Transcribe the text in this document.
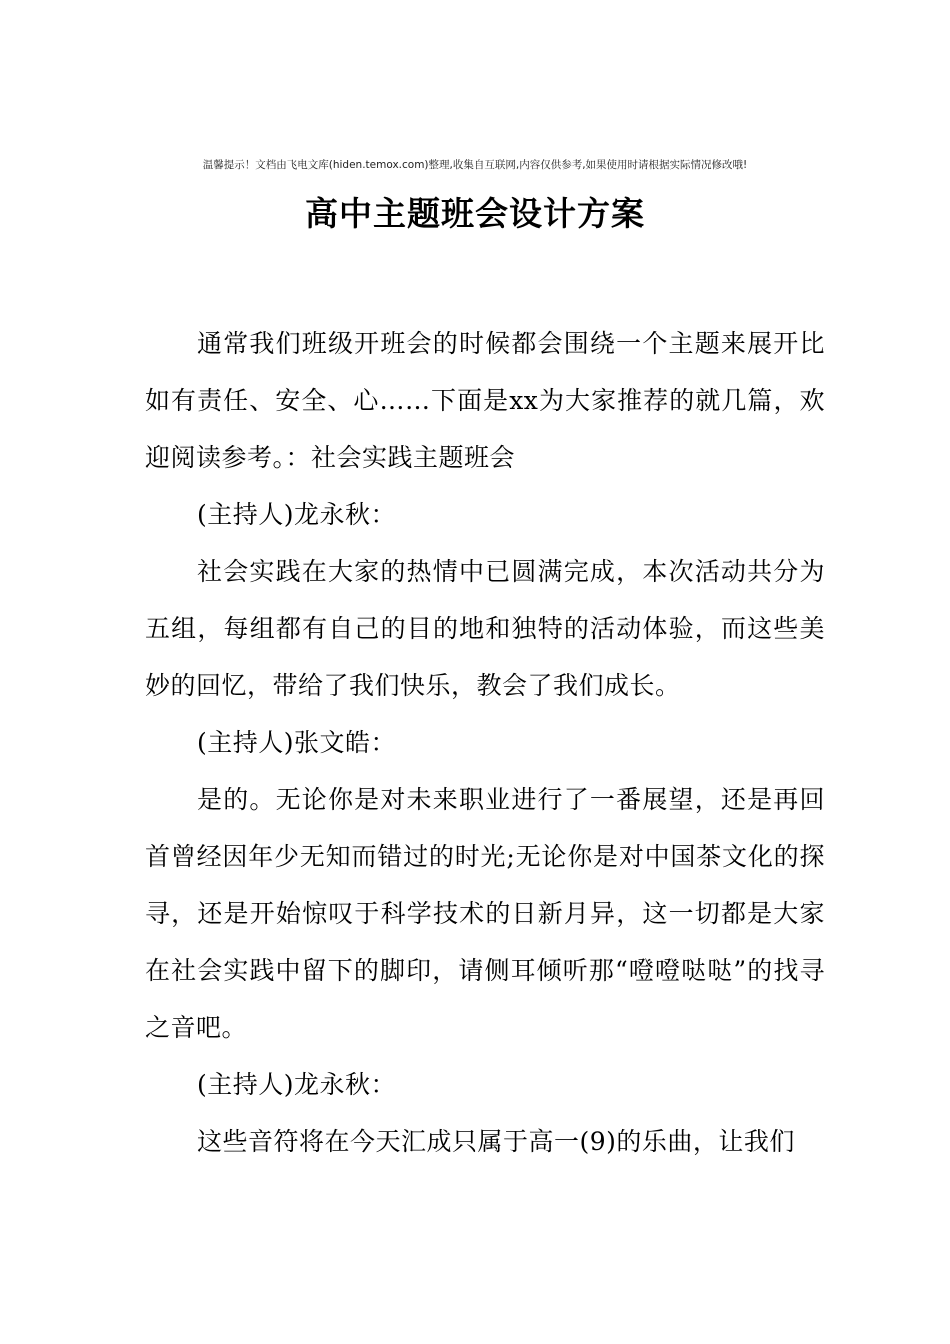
温馨提示！文档由飞电文库(hiden.temox.com)整理,收集自互联网,内容仅供参考,如果使用时请根据实际情况修改哦!
高中主题班会设计方案

通常我们班级开班会的时候都会围绕一个主题来展开比如有责任、安全、心……下面是xx为大家推荐的就几篇，欢迎阅读参考。：社会实践主题班会

(主持人)龙永秋：

社会实践在大家的热情中已圆满完成，本次活动共分为五组，每组都有自己的目的地和独特的活动体验，而这些美妙的回忆，带给了我们快乐，教会了我们成长。

(主持人)张文皓：

是的。无论你是对未来职业进行了一番展望，还是再回首曾经因年少无知而错过的时光;无论你是对中国茶文化的探寻，还是开始惊叹于科学技术的日新月异，这一切都是大家在社会实践中留下的脚印，请侧耳倾听那“噔噔哒哒”的找寻之音吧。

(主持人)龙永秋：

这些音符将在今天汇成只属于高一(9)的乐曲，让我们
